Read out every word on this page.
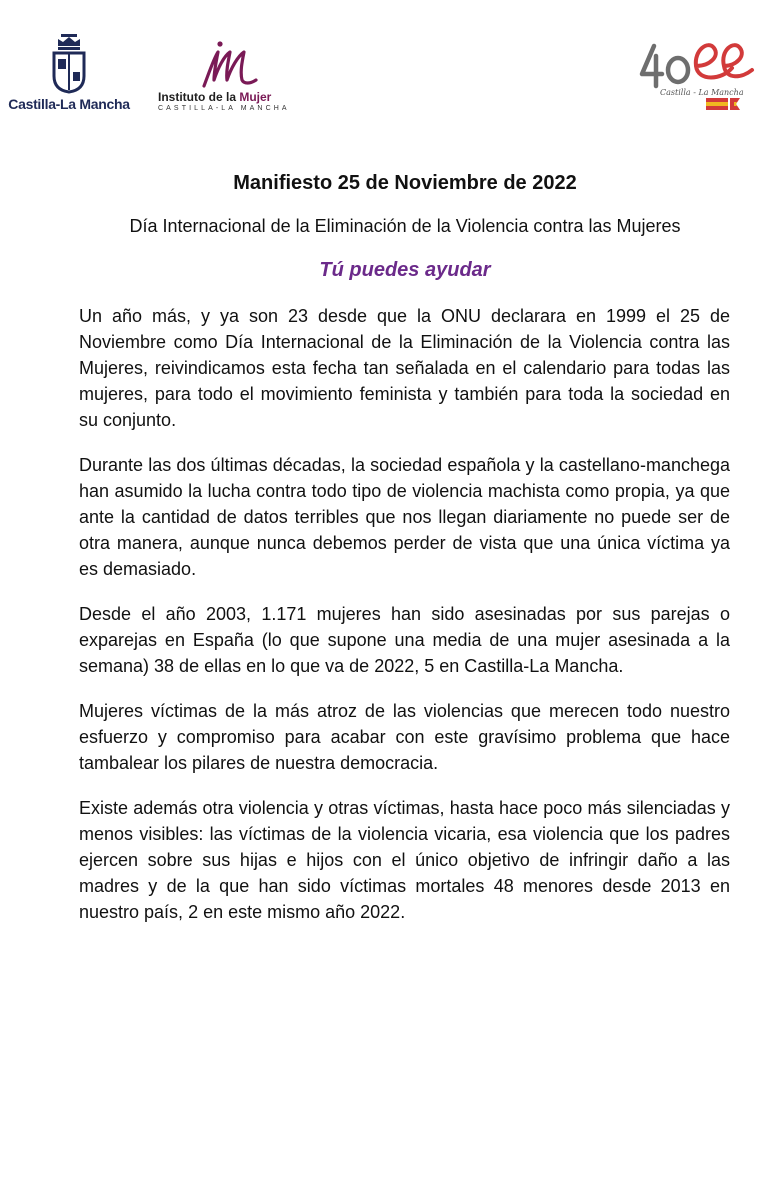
Castilla-La Mancha Instituto de la Mujer
CASTILLA-LA MANCHA
Castilla - La Mancha
Manifiesto 25 de Noviembre de 2022

Día Internacional de la Eliminación de la Violencia contra las Mujeres

Tú puedes ayudar

Un año más, y ya son 23 desde que la ONU declarara en 1999 el 25 de Noviembre como Día Internacional de la Eliminación de la Violencia contra las Mujeres, reivindicamos esta fecha tan señalada en el calendario para todas las mujeres, para todo el movimiento feminista y también para toda la sociedad en su conjunto.

Durante las dos últimas décadas, la sociedad española y la castellano-manchega han asumido la lucha contra todo tipo de violencia machista como propia, ya que ante la cantidad de datos terribles que nos llegan diariamente no puede ser de otra manera, aunque nunca debemos perder de vista que una única víctima ya es demasiado.

Desde el año 2003, 1.171 mujeres han sido asesinadas por sus parejas o exparejas en España (lo que supone una media de una mujer asesinada a la semana) 38 de ellas en lo que va de 2022, 5 en Castilla-La Mancha.

Mujeres víctimas de la más atroz de las violencias que merecen todo nuestro esfuerzo y compromiso para acabar con este gravísimo problema que hace tambalear los pilares de nuestra democracia.

Existe además otra violencia y otras víctimas, hasta hace poco más silenciadas y menos visibles: las víctimas de la violencia vicaria, esa violencia que los padres ejercen sobre sus hijas e hijos con el único objetivo de infringir daño a las madres y de la que han sido víctimas mortales 48 menores desde 2013 en nuestro país, 2 en este mismo año 2022.
